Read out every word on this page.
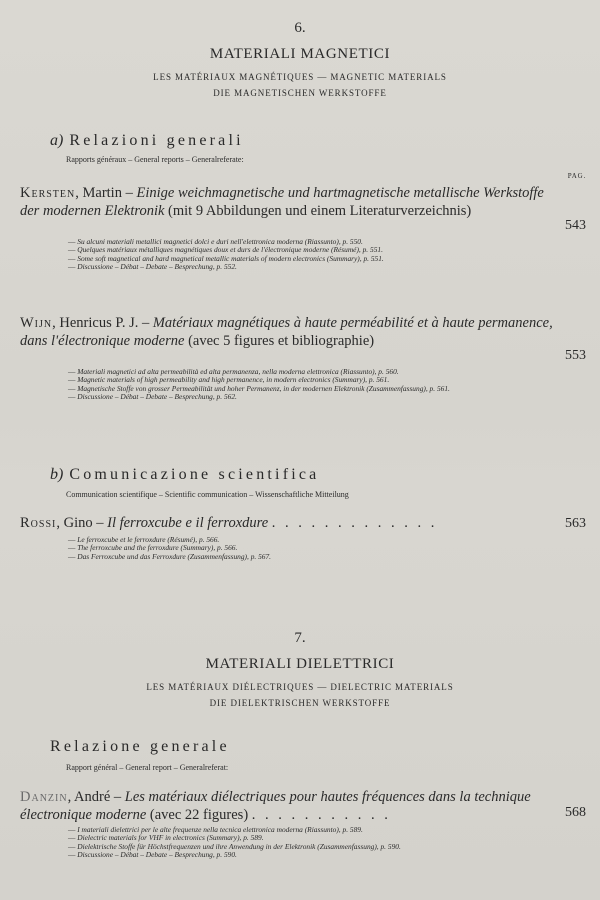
6.
MATERIALI MAGNETICI
LES MATÉRIAUX MAGNÉTIQUES — MAGNETIC MATERIALS
DIE MAGNETISCHEN WERKSTOFFE
a) Relazioni generali
Rapports généraux – General reports – Generalreferate:
PAG.
Kersten, Martin – Einige weichmagnetische und hartmagnetische metallische Werkstoffe der modernen Elektronik (mit 9 Abbildungen und einem Literaturverzeichnis)
543
— Su alcuni materiali metallici magnetici dolci e duri nell'elettronica moderna (Riassunto), p. 550.
— Quelques matériaux métalliques magnétiques doux et durs de l'électronique moderne (Résumé), p. 551.
— Some soft magnetical and hard magnetical metallic materials of modern electronics (Summary), p. 551.
— Discussione – Débat – Debate – Besprechung, p. 552.
Wijn, Henricus P. J. – Matériaux magnétiques à haute perméabilité et à haute permanence, dans l'électronique moderne (avec 5 figures et bibliographie)
553
— Materiali magnetici ad alta permeabilità ed alta permanenza, nella moderna elettronica (Riassunto), p. 560.
— Magnetic materials of high permeability and high permanence, in modern electronics (Summary), p. 561.
— Magnetische Stoffe von grosser Permeabilität und hoher Permanenz, in der modernen Elektronik (Zusammenfassung), p. 561.
— Discussione – Débat – Debate – Besprechung, p. 562.
b) Comunicazione scientifica
Communication scientifique – Scientific communication – Wissenschaftliche Mitteilung
Rossi, Gino – Il ferroxcube e il ferroxdure . . . . . . . . . . . . .	563
— Le ferroxcube et le ferroxdure (Résumé), p. 566.
— The ferroxcube and the ferroxdure (Summary), p. 566.
— Das Ferroxcube und das Ferroxdure (Zusammenfassung), p. 567.
7.
MATERIALI DIELETTRICI
LES MATÉRIAUX DIÉLECTRIQUES — DIELECTRIC MATERIALS
DIE DIELEKTRISCHEN WERKSTOFFE
Relazione generale
Rapport général – General report – Generalreferat:
Danzin, André – Les matériaux diélectriques pour hautes fréquences dans la technique électronique moderne (avec 22 figures) . . . . . . . . . . .	568
— I materiali dielettrici per le alte frequenze nella tecnica elettronica moderna (Riassunto), p. 589.
— Dielectric materials for VHF in electronics (Summary), p. 589.
— Dielektrische Stoffe für Höchstfrequenzen und ihre Anwendung in der Elektronik (Zusammenfassung), p. 590.
— Discussione – Débat – Debate – Besprechung, p. 590.
